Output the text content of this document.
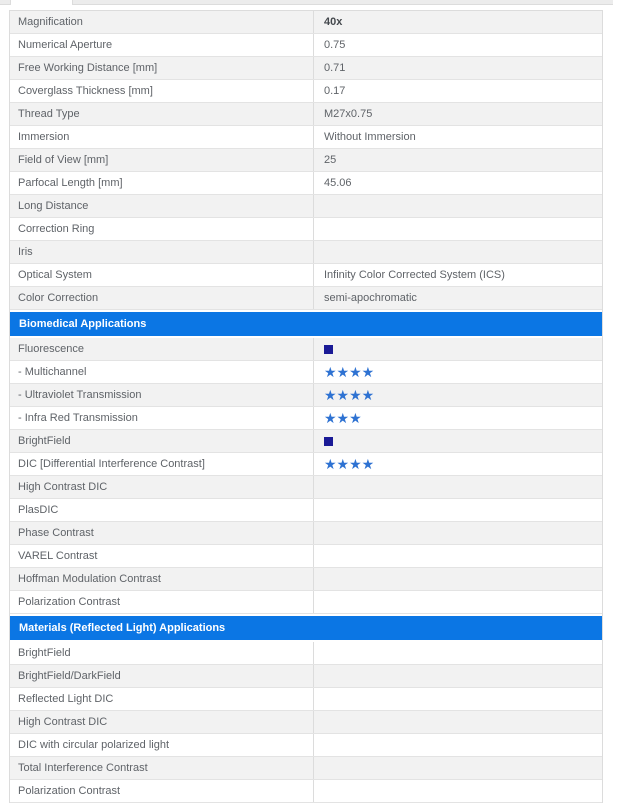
Magnification	40x
Numerical Aperture	0.75
Free Working Distance [mm]	0.71
Coverglass Thickness [mm]	0.17
Thread Type	M27x0.75
Immersion	Without Immersion
Field of View [mm]	25
Parfocal Length [mm]	45.06
Long Distance
Correction Ring
Iris
Optical System	Infinity Color Corrected System (ICS)
Color Correction	semi-apochromatic
Biomedical Applications
Fluorescence
- Multichannel	★★★★
- Ultraviolet Transmission	★★★★
- Infra Red Transmission	★★★
BrightField
DIC [Differential Interference Contrast]	★★★★
High Contrast DIC
PlasDIC
Phase Contrast
VAREL Contrast
Hoffman Modulation Contrast
Polarization Contrast
Materials (Reflected Light) Applications
BrightField
BrightField/DarkField
Reflected Light DIC
High Contrast DIC
DIC with circular polarized light
Total Interference Contrast
Polarization Contrast
